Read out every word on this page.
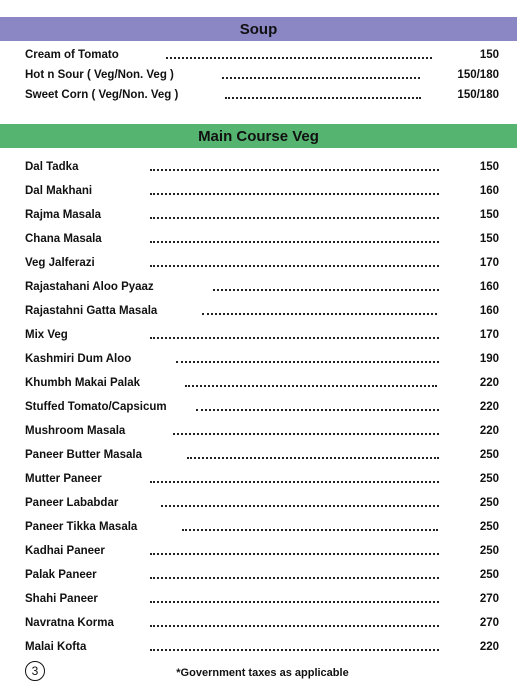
Soup
Cream of Tomato	150
Hot n Sour ( Veg/Non. Veg )	150/180
Sweet Corn ( Veg/Non. Veg )	150/180
Main Course Veg
Dal Tadka	150
Dal Makhani	160
Rajma Masala	150
Chana Masala	150
Veg Jalferazi	170
Rajastahani Aloo Pyaaz	160
Rajastahni Gatta Masala	160
Mix Veg	170
Kashmiri Dum Aloo	190
Khumbh Makai Palak	220
Stuffed Tomato/Capsicum	220
Mushroom Masala	220
Paneer Butter Masala	250
Mutter Paneer	250
Paneer Lababdar	250
Paneer Tikka Masala	250
Kadhai Paneer	250
Palak Paneer	250
Shahi Paneer	270
Navratna Korma	270
Malai Kofta	220
3	*Government taxes as applicable
